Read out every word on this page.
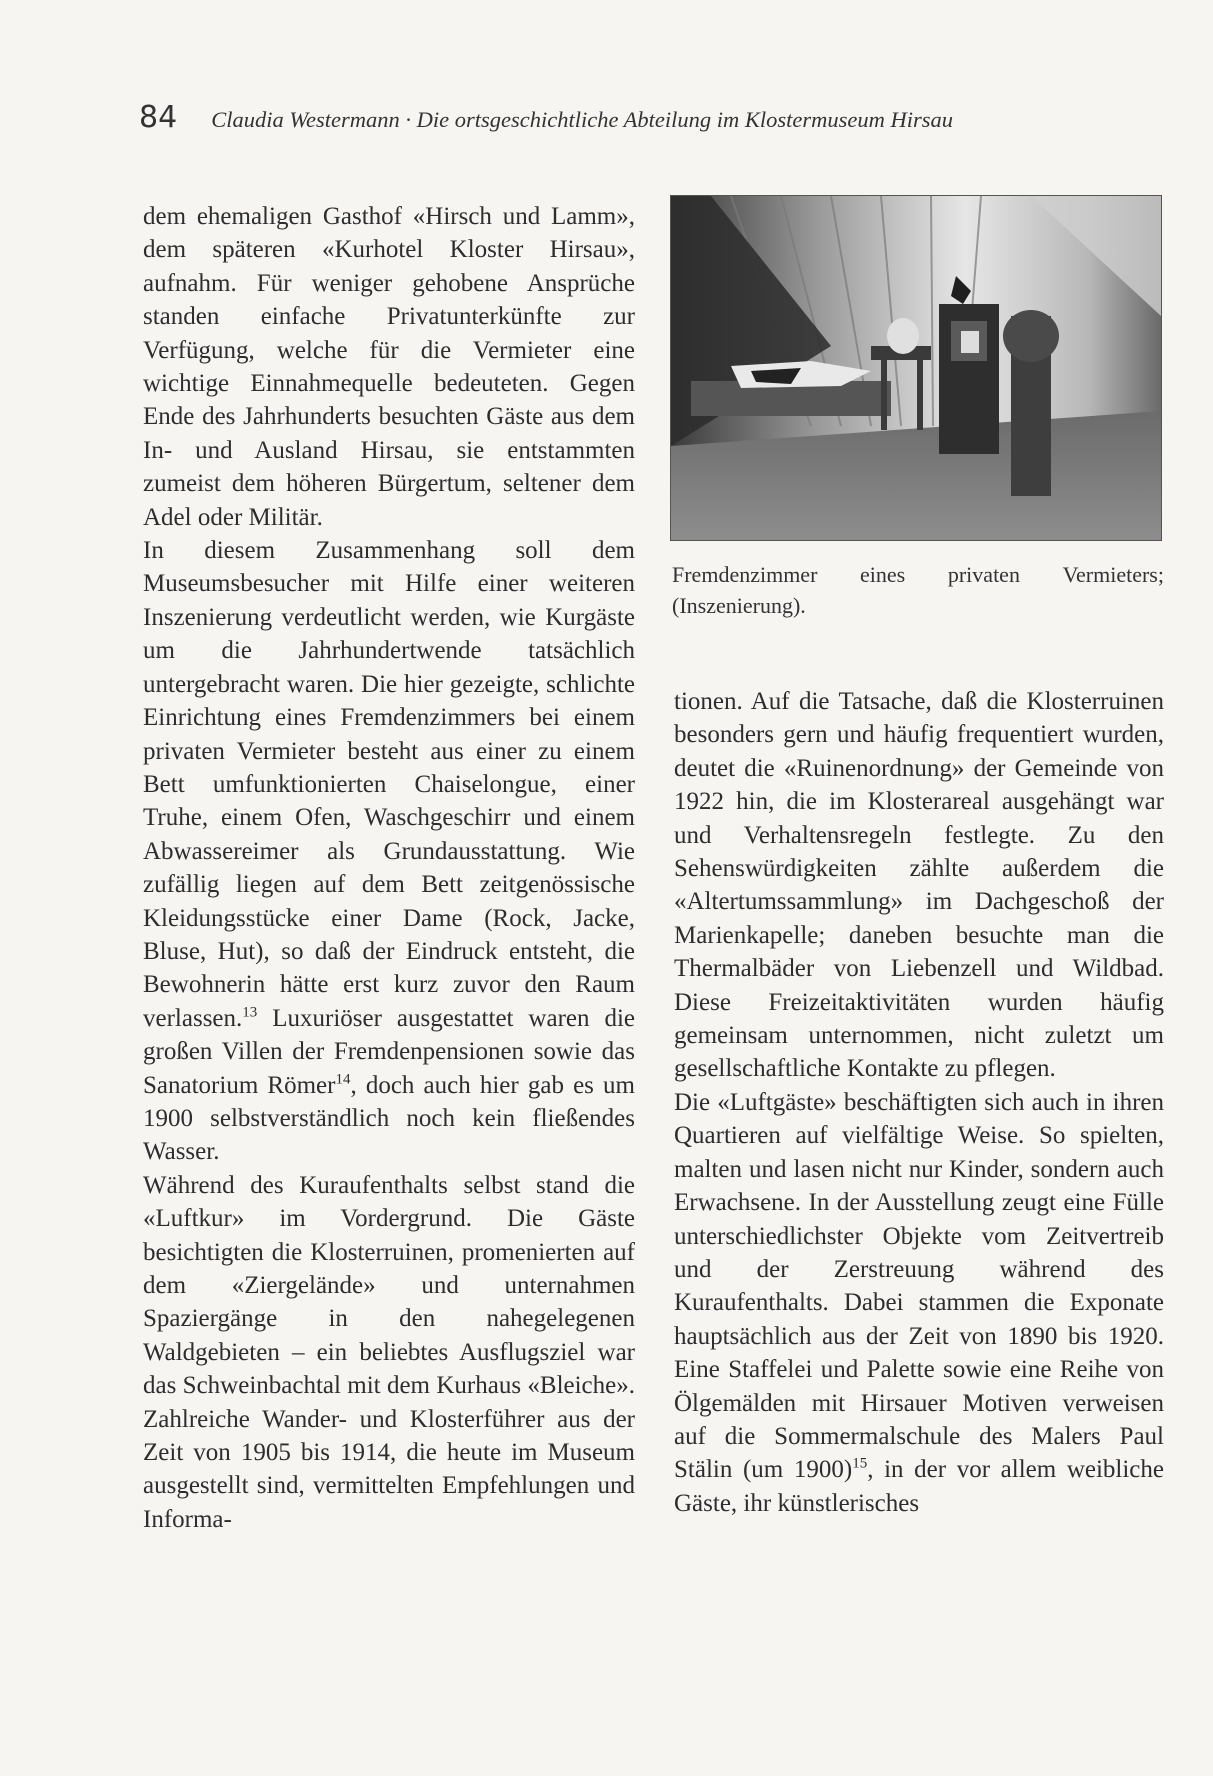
84 Claudia Westermann · Die ortsgeschichtliche Abteilung im Klostermuseum Hirsau

dem ehemaligen Gasthof «Hirsch und Lamm», dem späteren «Kurhotel Kloster Hirsau», aufnahm. Für weniger gehobene Ansprüche standen einfache Privatunterkünfte zur Verfügung, welche für die Vermieter eine wichtige Einnahmequelle bedeuteten. Gegen Ende des Jahrhunderts besuchten Gäste aus dem In- und Ausland Hirsau, sie entstammten zumeist dem höheren Bürgertum, seltener dem Adel oder Militär.

In diesem Zusammenhang soll dem Museumsbesucher mit Hilfe einer weiteren Inszenierung verdeutlicht werden, wie Kurgäste um die Jahrhundertwende tatsächlich untergebracht waren. Die hier gezeigte, schlichte Einrichtung eines Fremdenzimmers bei einem privaten Vermieter besteht aus einer zu einem Bett umfunktionierten Chaiselongue, einer Truhe, einem Ofen, Waschgeschirr und einem Abwassereimer als Grundausstattung. Wie zufällig liegen auf dem Bett zeitgenössische Kleidungsstücke einer Dame (Rock, Jacke, Bluse, Hut), so daß der Eindruck entsteht, die Bewohnerin hätte erst kurz zuvor den Raum verlassen.$^{13}$ Luxuriöser ausgestattet waren die großen Villen der Fremdenpensionen sowie das Sanatorium Römer$^{14}$, doch auch hier gab es um 1900 selbstverständlich noch kein fließendes Wasser.

Während des Kuraufenthalts selbst stand die «Luftkur» im Vordergrund. Die Gäste besichtigten die Klosterruinen, promenierten auf dem «Ziergelände» und unternahmen Spaziergänge in den nahegelegenen Waldgebieten – ein beliebtes Ausflugsziel war das Schweinbachtal mit dem Kurhaus «Bleiche». Zahlreiche Wander- und Klosterführer aus der Zeit von 1905 bis 1914, die heute im Museum ausgestellt sind, vermittelten Empfehlungen und Informa-

Fremdenzimmer eines privaten Vermieters;
(Inszenierung).

tionen. Auf die Tatsache, daß die Klosterruinen besonders gern und häufig frequentiert wurden, deutet die «Ruinenordnung» der Gemeinde von 1922 hin, die im Klosterareal ausgehängt war und Verhaltensregeln festlegte. Zu den Sehenswürdigkeiten zählte außerdem die «Altertumssammlung» im Dachgeschoß der Marienkapelle; daneben besuchte man die Thermalbäder von Liebenzell und Wildbad. Diese Freizeitaktivitäten wurden häufig gemeinsam unternommen, nicht zuletzt um gesellschaftliche Kontakte zu pflegen.

Die «Luftgäste» beschäftigten sich auch in ihren Quartieren auf vielfältige Weise. So spielten, malten und lasen nicht nur Kinder, sondern auch Erwachsene. In der Ausstellung zeugt eine Fülle unterschiedlichster Objekte vom Zeitvertreib und der Zerstreuung während des Kuraufenthalts. Dabei stammen die Exponate hauptsächlich aus der Zeit von 1890 bis 1920. Eine Staffelei und Palette sowie eine Reihe von Ölgemälden mit Hirsauer Motiven verweisen auf die Sommermalschule des Malers Paul Stälin (um 1900)$^{15}$, in der vor allem weibliche Gäste, ihr künstlerisches
